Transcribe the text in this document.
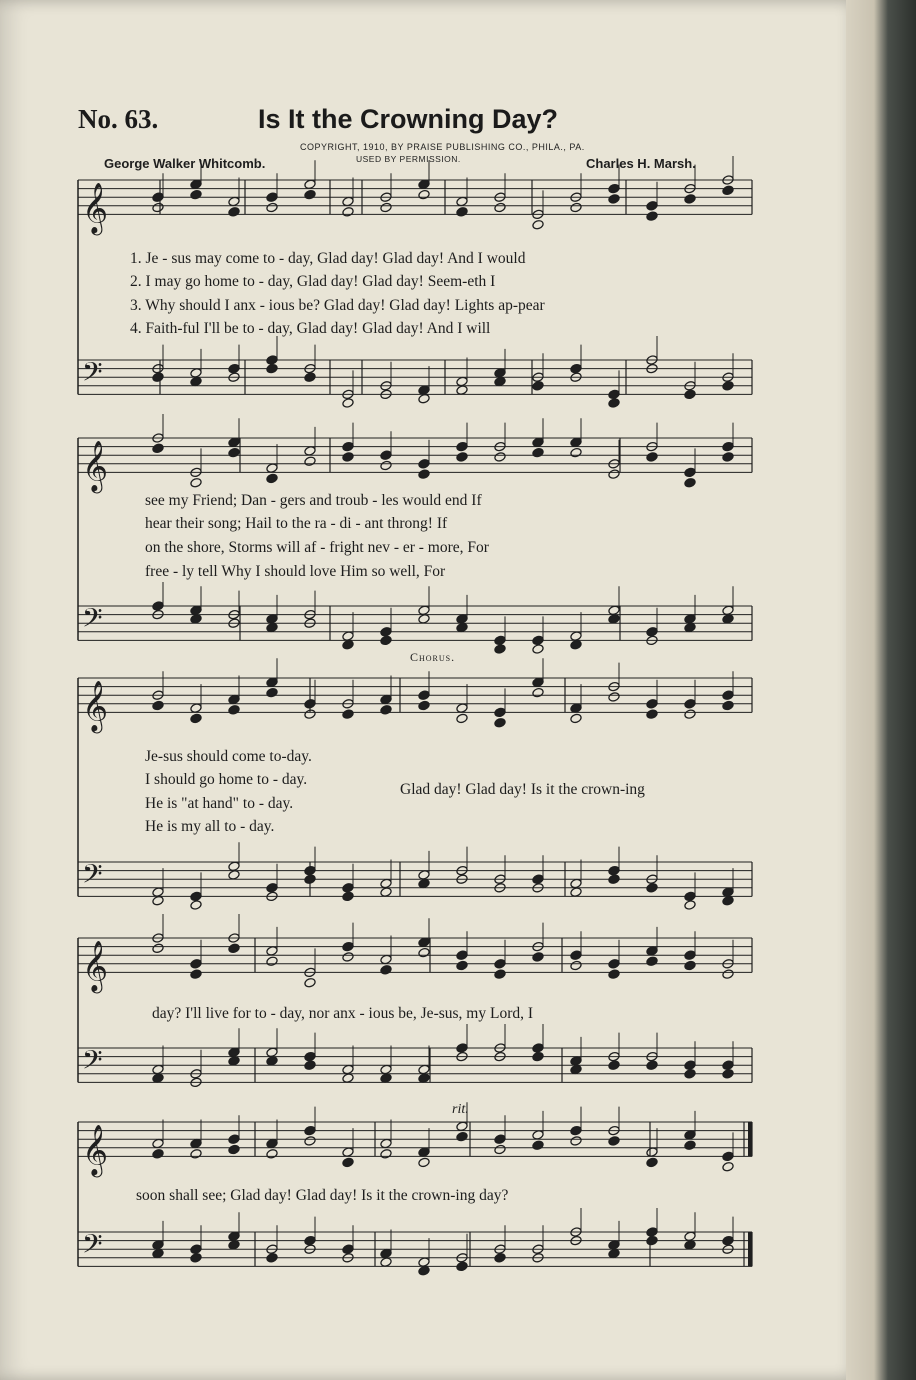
No. 63.	Is It the Crowning Day?
COPYRIGHT, 1910, BY PRAISE PUBLISHING CO., PHILA., PA.
USED BY PERMISSION.
George Walker Whitcomb.	Charles H. Marsh.
𝄞
𝄢
𝄞
𝄢
𝄞
𝄢
𝄞
𝄢
𝄞
𝄢
1. Je - sus may come to - day, Glad day! Glad day! And I would
2. I may go home to - day, Glad day! Glad day! Seem-eth I
3. Why should I anx - ious be? Glad day! Glad day! Lights ap-pear
4. Faith-ful I'll be to - day, Glad day! Glad day! And I will
see my Friend; Dan - gers and troub - les would end If
hear their song; Hail to the ra - di - ant throng! If
on the shore, Storms will af - fright nev - er - more, For
free - ly tell Why I should love Him so well, For
Chorus.
Je-sus should come to-day.
I should go home to - day.
He is "at hand" to - day.
He is my all to - day.
Glad day! Glad day! Is it the crown-ing
day? I'll live for to - day, nor anx - ious be, Je-sus, my Lord, I
rit.
soon shall see; Glad day! Glad day! Is it the crown-ing day?
